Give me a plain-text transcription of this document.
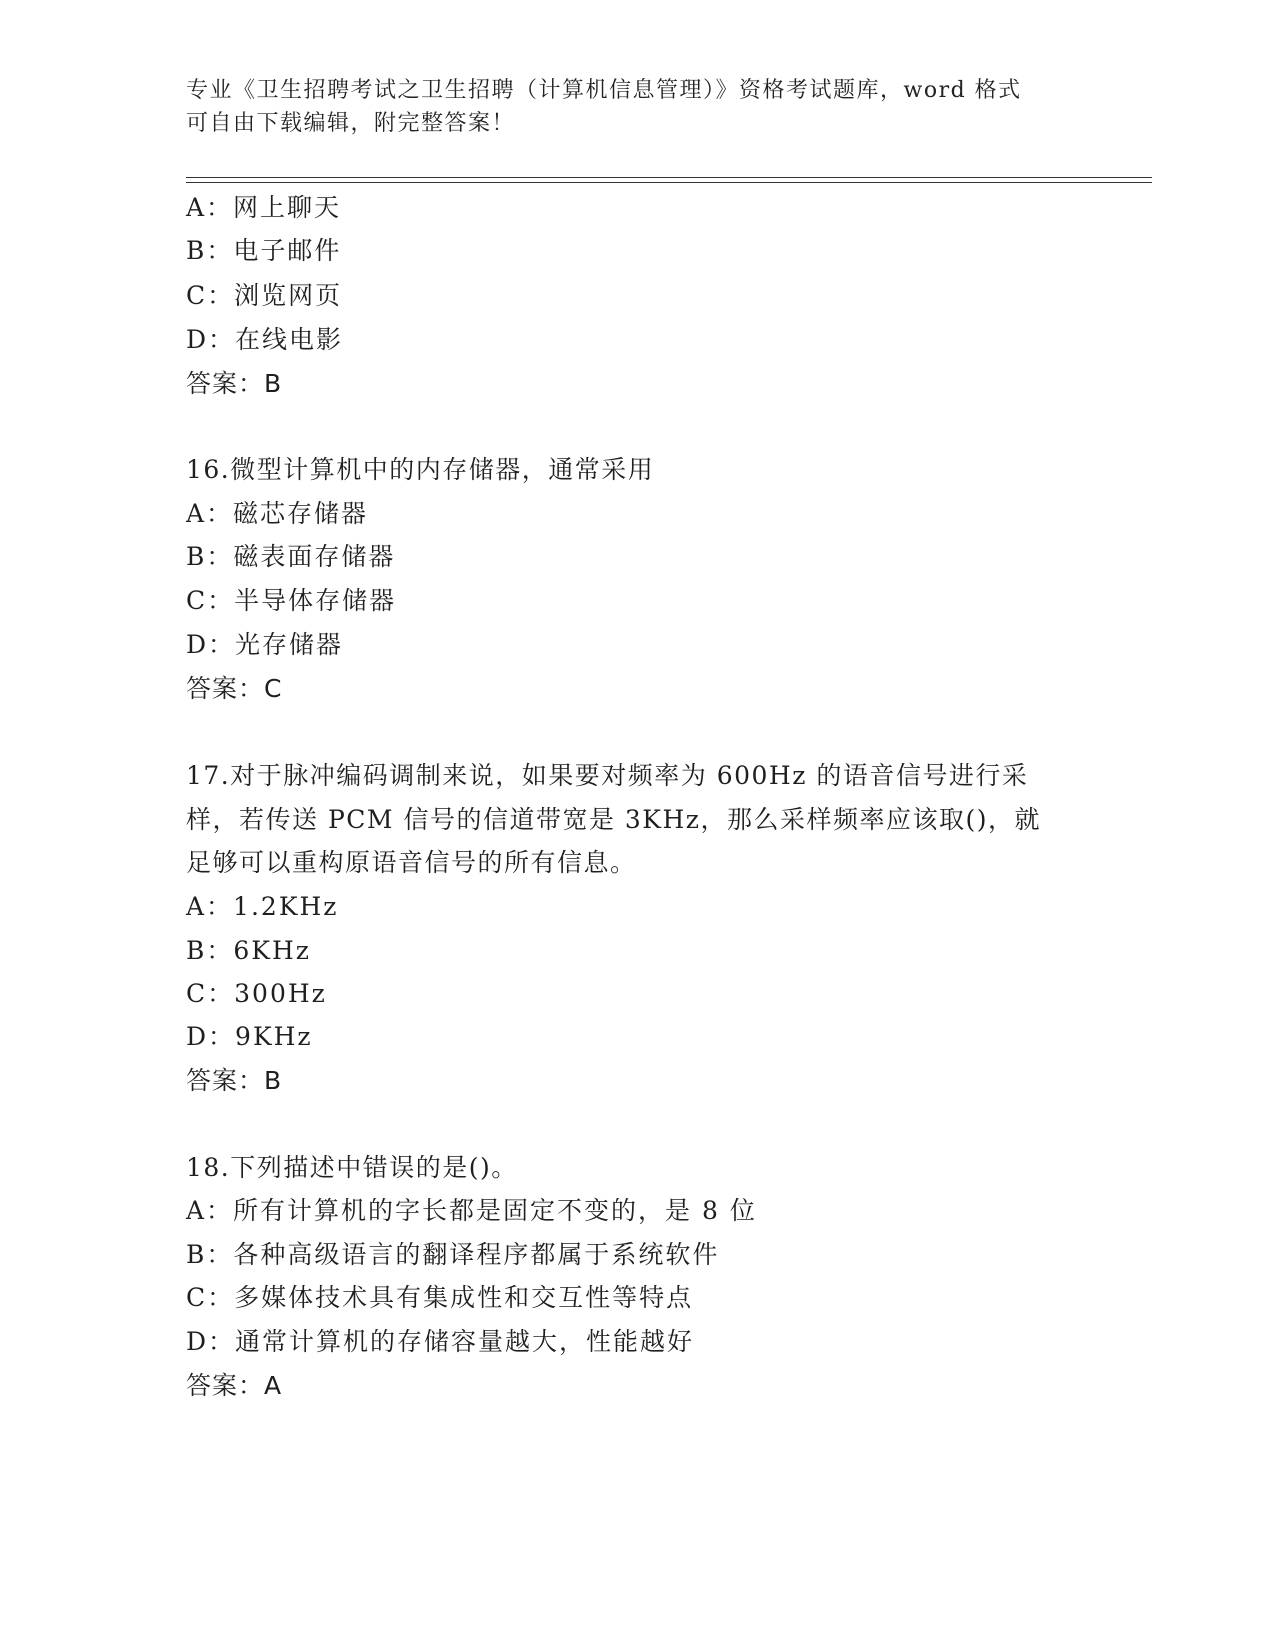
专业《卫生招聘考试之卫生招聘（计算机信息管理）》资格考试题库，word 格式
可自由下载编辑，附完整答案！
A：网上聊天
B：电子邮件
C：浏览网页
D：在线电影
答案：B
16.微型计算机中的内存储器，通常采用
A：磁芯存储器
B：磁表面存储器
C：半导体存储器
D：光存储器
答案：C
17.对于脉冲编码调制来说，如果要对频率为 600Hz 的语音信号进行采
样，若传送 PCM 信号的信道带宽是 3KHz，那么采样频率应该取()，就
足够可以重构原语音信号的所有信息。
A：1.2KHz
B：6KHz
C：300Hz
D：9KHz
答案：B
18.下列描述中错误的是()。
A：所有计算机的字长都是固定不变的，是 8 位
B：各种高级语言的翻译程序都属于系统软件
C：多媒体技术具有集成性和交互性等特点
D：通常计算机的存储容量越大，性能越好
答案：A
